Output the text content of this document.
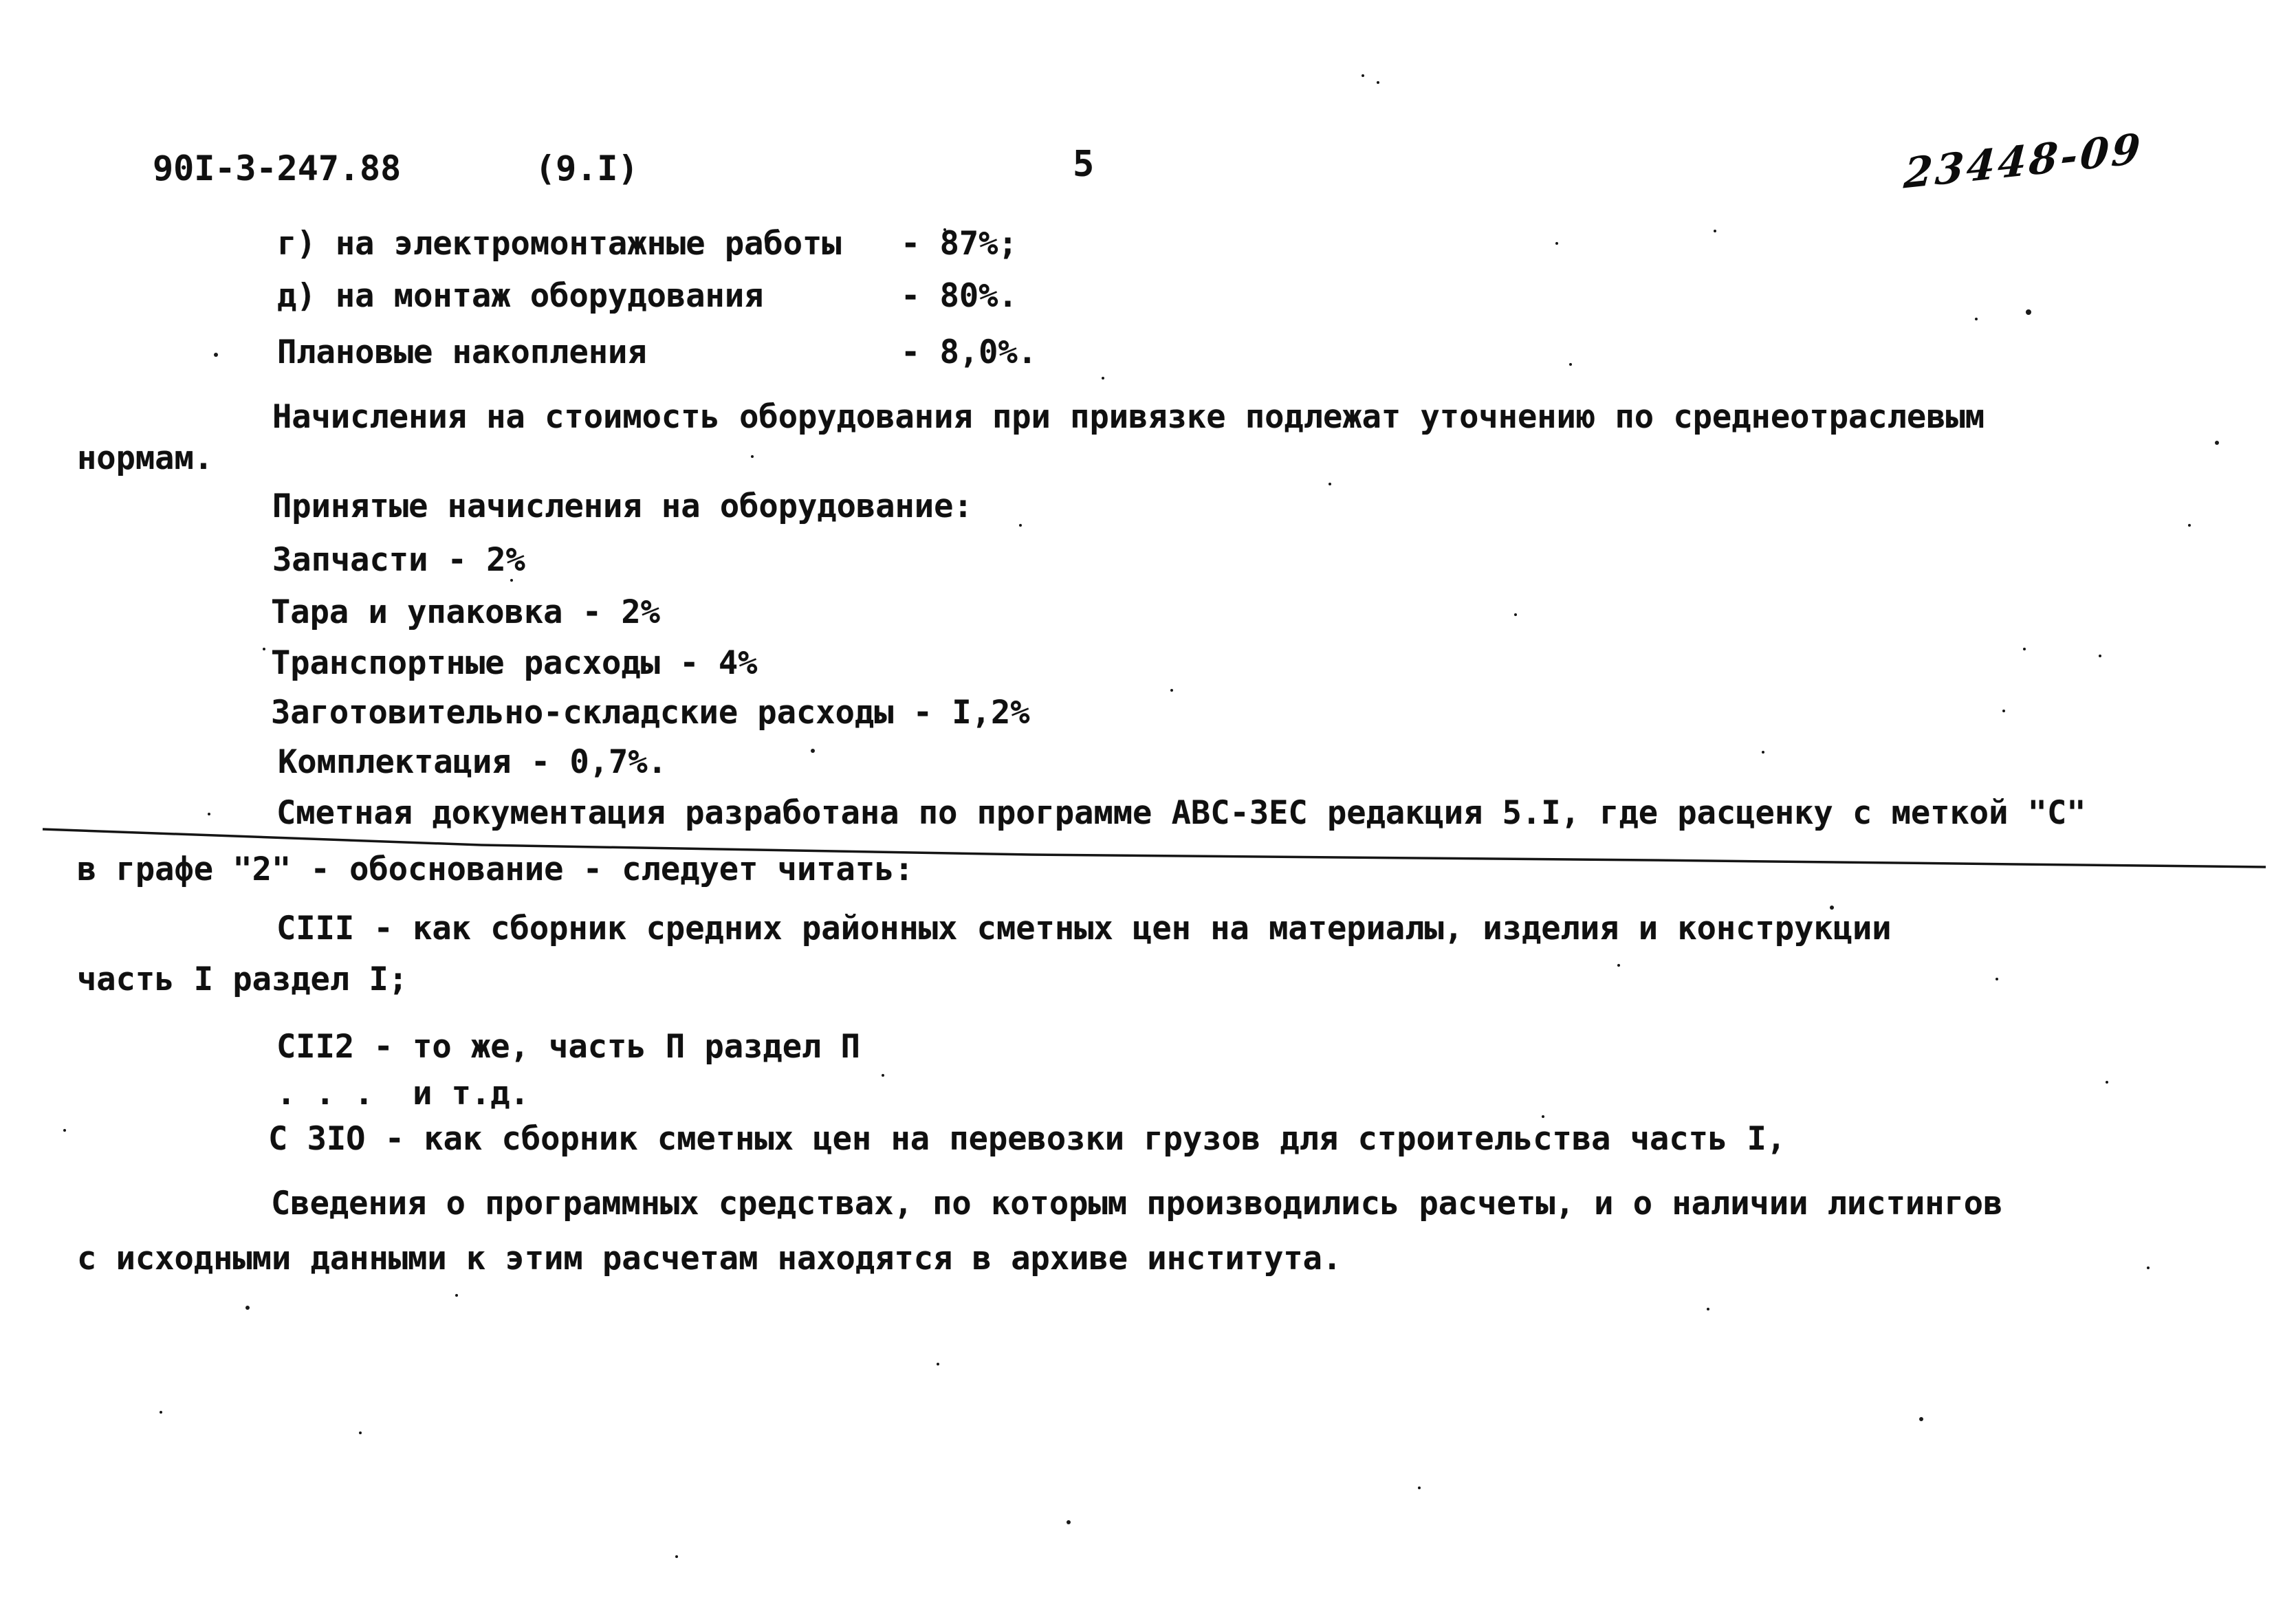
90I-3-247.88	(9.I)	5	23448-09
г) на электромонтажные работы - 87%;
д) на монтаж оборудования	- 80%.
Плановые накопления	- 8,0%.
Начисления на стоимость оборудования при привязке подлежат уточнению по среднеотраслевым
нормам.
Принятые начисления на оборудование:
Запчасти - 2%
Тара и упаковка - 2%
Транспортные расходы - 4%
Заготовительно-складские расходы - I,2%
Комплектация - 0,7%.
Сметная документация разработана по программе АВС-ЗЕС редакция 5.I, где расценку с меткой "С"
в графе "2" - обоснование - следует читать:
СIII - как сборник средних районных сметных цен на материалы, изделия и конструкции
часть I раздел I;
СII2 - то же, часть П раздел П
. . .  и т.д.
С 3IO - как сборник сметных цен на перевозки грузов для строительства часть I,
Сведения о программных средствах, по которым производились расчеты, и о наличии листингов
с исходными данными к этим расчетам находятся в архиве института.
